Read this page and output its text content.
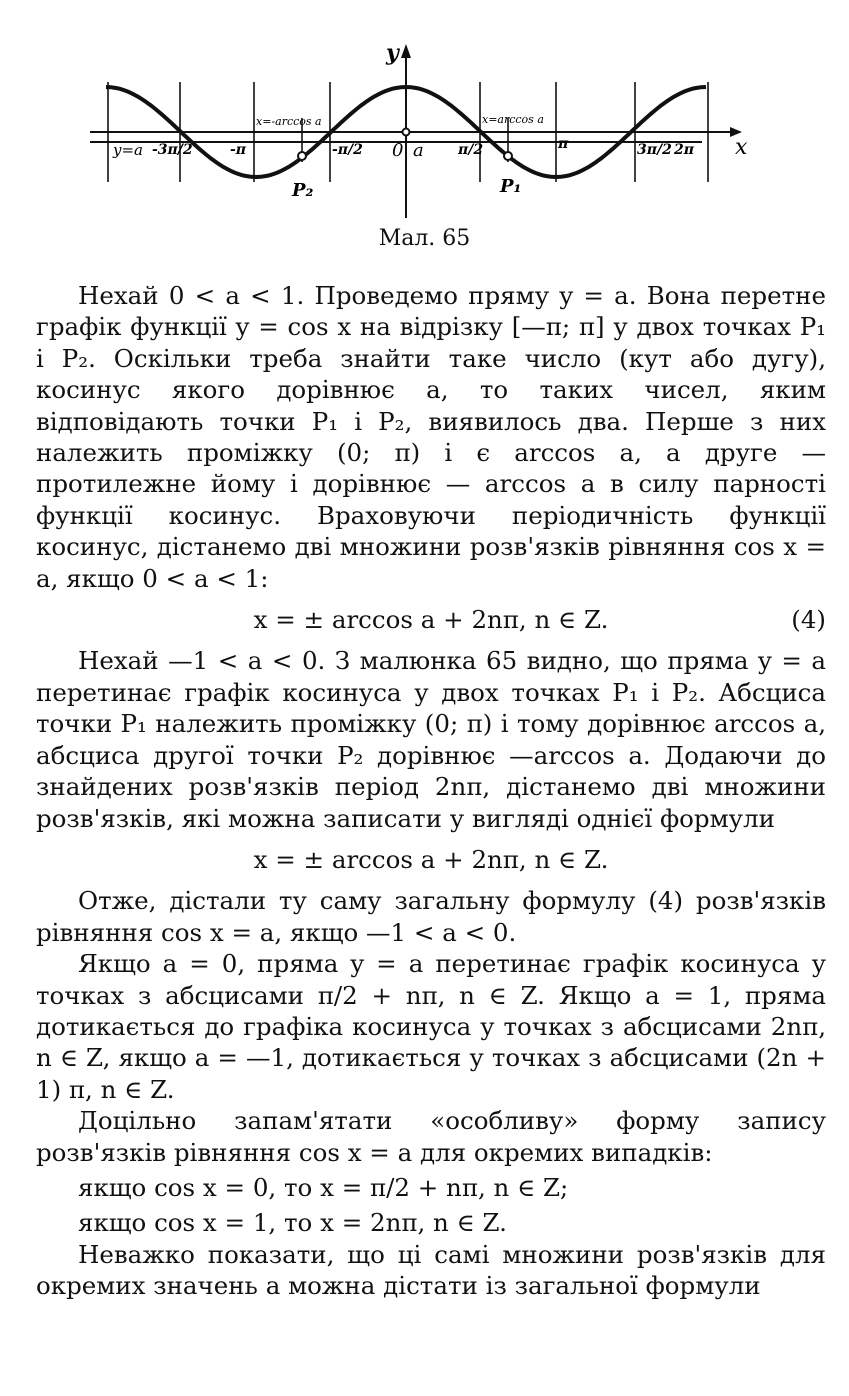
y
x
y=a
x=-arccos a	x=arccos a
P₂	P₁
0 a
-3π/2	-π	-π/2	π/2	π	3π/2 2π
Мал. 65

Нехай 0 < a < 1. Проведемо пряму y = a. Вона перетне графік функції y = cos x на відрізку [—π; π] у двох точках P₁ і P₂. Оскільки треба знайти таке число (кут або дугу), косинус якого дорівнює a, то таких чисел, яким відповідають точки P₁ і P₂, виявилось два. Перше з них належить проміжку (0; π) і є arccos a, а друге — протилежне йому і дорівнює — arccos a в силу парності функції косинус. Враховуючи періодичність функції косинус, дістанемо дві множини розв'язків рівняння cos x = a, якщо 0 < a < 1:

x = ± arccos a + 2nπ, n ∈ Z.	(4)

Нехай —1 < a < 0. З малюнка 65 видно, що пряма y = a перетинає графік косинуса у двох точках P₁ і P₂. Абсциса точки P₁ належить проміжку (0; π) і тому дорівнює arccos a, абсциса другої точки P₂ дорівнює —arccos a. Додаючи до знайдених розв'язків період 2nπ, дістанемо дві множини розв'язків, які можна записати у вигляді однієї формули

x = ± arccos a + 2nπ, n ∈ Z.

Отже, дістали ту саму загальну формулу (4) розв'язків рівняння cos x = a, якщо —1 < a < 0.

Якщо a = 0, пряма y = a перетинає графік косинуса у точках з абсцисами π/2 + nπ, n ∈ Z. Якщо a = 1, пряма дотикається до графіка косинуса у точках з абсцисами 2nπ, n ∈ Z, якщо a = —1, дотикається у точках з абсцисами (2n + 1) π, n ∈ Z.

Доцільно запам'ятати «особливу» форму запису розв'язків рівняння cos x = a для окремих випадків:

якщо cos x = 0, то x = π/2 + nπ, n ∈ Z;
якщо cos x = 1, то x = 2nπ, n ∈ Z.

Неважко показати, що ці самі множини розв'язків для окремих значень a можна дістати із загальної формули
